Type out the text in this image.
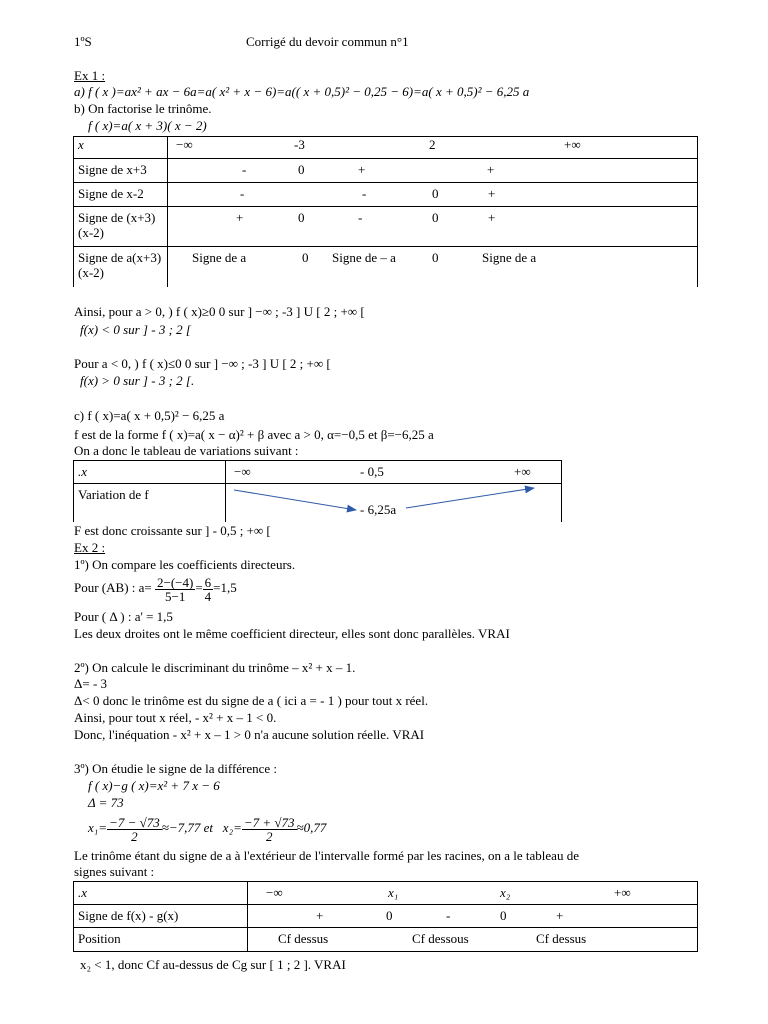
1ºS	Corrigé du devoir commun n°1
Ex 1 :
a) f ( x )=ax² + ax − 6a=a( x² + x − 6)=a(( x + 0,5)² − 0,25 − 6)=a( x + 0,5)² − 6,25 a
b) On factorise le trinôme.
f ( x)=a( x + 3)( x − 2)
x	−∞ -3 2 +∞

Signe de x+3	- 0 + +

Signe de x-2	- - 0 +

Signe de (x+3)(x-2)	+ 0 - 0 +

Signe de a(x+3)(x-2)	Signe de a 0 Signe de – a 0 Signe de a
Ainsi, pour a > 0, ) f ( x)≥0 0 sur ] −∞ ; -3 ] U [ 2 ; +∞ [
f(x) < 0 sur ] - 3 ; 2 [
Pour a < 0, ) f ( x)≤0 0 sur ] −∞ ; -3 ] U [ 2 ; +∞ [
f(x) > 0 sur ] - 3 ; 2 [.
c) f ( x)=a( x + 0,5)² − 6,25 a
f est de la forme f ( x)=a( x − α)² + β avec a > 0, α=−0,5 et β=−6,25 a
On a donc le tableau de variations suivant :
.x	−∞ - 0,5 +∞

Variation de f	- 6,25a
F est donc croissante sur ] - 0,5 ; +∞ [
Ex 2 :
1º) On compare les coefficients directeurs.
Pour (AB) : $a= \frac{2-(-4)}{5-1} = \frac{6}{4} =1,5$
Pour ( Δ ) : a' = 1,5
Les deux droites ont le même coefficient directeur, elles sont donc parallèles. VRAI
2º) On calcule le discriminant du trinôme – x² + x – 1.
Δ= - 3
Δ< 0 donc le trinôme est du signe de a ( ici a = - 1 ) pour tout x réel.
Ainsi, pour tout x réel, - x² + x – 1 < 0.
Donc, l'inéquation - x² + x – 1 > 0 n'a aucune solution réelle. VRAI
3º) On étudie le signe de la différence :
f ( x)−g ( x)=x² + 7 x − 6
Δ = 73
$x_1= \frac{-7 - √73}{2} \approx-7,77$ et $x_2= \frac{-7 + √73}{2} \approx 0,77$
Le trinôme étant du signe de a à l'extérieur de l'intervalle formé par les racines, on a le tableau de
signes suivant :
.x	−∞ x₁ x₂ +∞

Signe de f(x) - g(x)	+ 0 - 0 +

Position	Cf dessus Cf dessous Cf dessus
x₂ < 1, donc Cf au-dessus de Cg sur [ 1 ; 2 ]. VRAI
